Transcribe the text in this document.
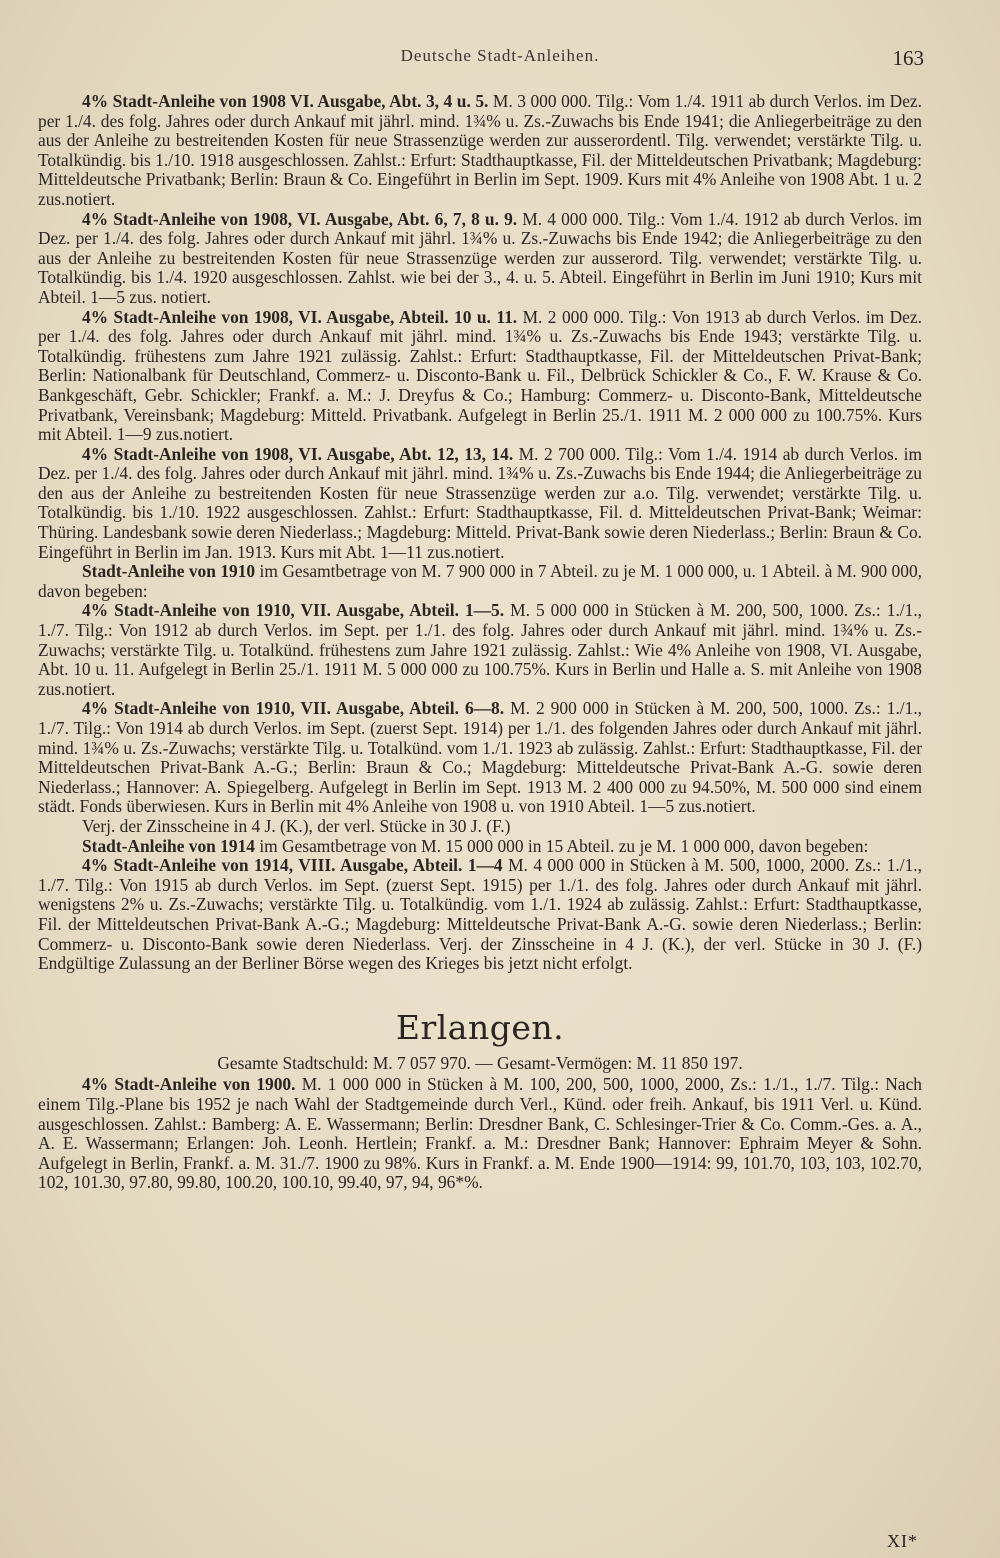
Deutsche Stadt-Anleihen.	163

4% Stadt-Anleihe von 1908 VI. Ausgabe, Abt. 3, 4 u. 5. M. 3 000 000. Tilg.: Vom 1./4. 1911 ab durch Verlos. im Dez. per 1./4. des folg. Jahres oder durch Ankauf mit jährl. mind. 1¾% u. Zs.-Zuwachs bis Ende 1941; die Anliegerbeiträge zu den aus der Anleihe zu bestreitenden Kosten für neue Strassenzüge werden zur ausserordentl. Tilg. verwendet; verstärkte Tilg. u. Totalkündig. bis 1./10. 1918 ausgeschlossen. Zahlst.: Erfurt: Stadthauptkasse, Fil. der Mitteldeutschen Privatbank; Magdeburg: Mitteldeutsche Privatbank; Berlin: Braun & Co. Eingeführt in Berlin im Sept. 1909. Kurs mit 4% Anleihe von 1908 Abt. 1 u. 2 zus.notiert.

4% Stadt-Anleihe von 1908, VI. Ausgabe, Abt. 6, 7, 8 u. 9. M. 4 000 000. Tilg.: Vom 1./4. 1912 ab durch Verlos. im Dez. per 1./4. des folg. Jahres oder durch Ankauf mit jährl. 1¾% u. Zs.-Zuwachs bis Ende 1942; die Anliegerbeiträge zu den aus der Anleihe zu bestreitenden Kosten für neue Strassenzüge werden zur ausserord. Tilg. verwendet; verstärkte Tilg. u. Totalkündig. bis 1./4. 1920 ausgeschlossen. Zahlst. wie bei der 3., 4. u. 5. Abteil. Eingeführt in Berlin im Juni 1910; Kurs mit Abteil. 1—5 zus. notiert.

4% Stadt-Anleihe von 1908, VI. Ausgabe, Abteil. 10 u. 11. M. 2 000 000. Tilg.: Von 1913 ab durch Verlos. im Dez. per 1./4. des folg. Jahres oder durch Ankauf mit jährl. mind. 1¾% u. Zs.-Zuwachs bis Ende 1943; verstärkte Tilg. u. Totalkündig. frühestens zum Jahre 1921 zulässig. Zahlst.: Erfurt: Stadthauptkasse, Fil. der Mitteldeutschen Privat-Bank; Berlin: Nationalbank für Deutschland, Commerz- u. Disconto-Bank u. Fil., Delbrück Schickler & Co., F. W. Krause & Co. Bankgeschäft, Gebr. Schickler; Frankf. a. M.: J. Dreyfus & Co.; Hamburg: Commerz- u. Disconto-Bank, Mitteldeutsche Privatbank, Vereinsbank; Magdeburg: Mitteld. Privatbank. Aufgelegt in Berlin 25./1. 1911 M. 2 000 000 zu 100.75%. Kurs mit Abteil. 1—9 zus.notiert.

4% Stadt-Anleihe von 1908, VI. Ausgabe, Abt. 12, 13, 14. M. 2 700 000. Tilg.: Vom 1./4. 1914 ab durch Verlos. im Dez. per 1./4. des folg. Jahres oder durch Ankauf mit jährl. mind. 1¾% u. Zs.-Zuwachs bis Ende 1944; die Anliegerbeiträge zu den aus der Anleihe zu bestreitenden Kosten für neue Strassenzüge werden zur a.o. Tilg. verwendet; verstärkte Tilg. u. Totalkündig. bis 1./10. 1922 ausgeschlossen. Zahlst.: Erfurt: Stadthauptkasse, Fil. d. Mitteldeutschen Privat-Bank; Weimar: Thüring. Landesbank sowie deren Niederlass.; Magdeburg: Mitteld. Privat-Bank sowie deren Niederlass.; Berlin: Braun & Co. Eingeführt in Berlin im Jan. 1913. Kurs mit Abt. 1—11 zus.notiert.

Stadt-Anleihe von 1910 im Gesamtbetrage von M. 7 900 000 in 7 Abteil. zu je M. 1 000 000, u. 1 Abteil. à M. 900 000, davon begeben:

4% Stadt-Anleihe von 1910, VII. Ausgabe, Abteil. 1—5. M. 5 000 000 in Stücken à M. 200, 500, 1000. Zs.: 1./1., 1./7. Tilg.: Von 1912 ab durch Verlos. im Sept. per 1./1. des folg. Jahres oder durch Ankauf mit jährl. mind. 1¾% u. Zs.-Zuwachs; verstärkte Tilg. u. Totalkünd. frühestens zum Jahre 1921 zulässig. Zahlst.: Wie 4% Anleihe von 1908, VI. Ausgabe, Abt. 10 u. 11. Aufgelegt in Berlin 25./1. 1911 M. 5 000 000 zu 100.75%. Kurs in Berlin und Halle a. S. mit Anleihe von 1908 zus.notiert.

4% Stadt-Anleihe von 1910, VII. Ausgabe, Abteil. 6—8. M. 2 900 000 in Stücken à M. 200, 500, 1000. Zs.: 1./1., 1./7. Tilg.: Von 1914 ab durch Verlos. im Sept. (zuerst Sept. 1914) per 1./1. des folgenden Jahres oder durch Ankauf mit jährl. mind. 1¾% u. Zs.-Zuwachs; verstärkte Tilg. u. Totalkünd. vom 1./1. 1923 ab zulässig. Zahlst.: Erfurt: Stadthauptkasse, Fil. der Mitteldeutschen Privat-Bank A.-G.; Berlin: Braun & Co.; Magdeburg: Mitteldeutsche Privat-Bank A.-G. sowie deren Niederlass.; Hannover: A. Spiegelberg. Aufgelegt in Berlin im Sept. 1913 M. 2 400 000 zu 94.50%, M. 500 000 sind einem städt. Fonds überwiesen. Kurs in Berlin mit 4% Anleihe von 1908 u. von 1910 Abteil. 1—5 zus.notiert.

Verj. der Zinsscheine in 4 J. (K.), der verl. Stücke in 30 J. (F.)

Stadt-Anleihe von 1914 im Gesamtbetrage von M. 15 000 000 in 15 Abteil. zu je M. 1 000 000, davon begeben:

4% Stadt-Anleihe von 1914, VIII. Ausgabe, Abteil. 1—4 M. 4 000 000 in Stücken à M. 500, 1000, 2000. Zs.: 1./1., 1./7. Tilg.: Von 1915 ab durch Verlos. im Sept. (zuerst Sept. 1915) per 1./1. des folg. Jahres oder durch Ankauf mit jährl. wenigstens 2% u. Zs.-Zuwachs; verstärkte Tilg. u. Totalkündig. vom 1./1. 1924 ab zulässig. Zahlst.: Erfurt: Stadthauptkasse, Fil. der Mitteldeutschen Privat-Bank A.-G.; Magdeburg: Mitteldeutsche Privat-Bank A.-G. sowie deren Niederlass.; Berlin: Commerz- u. Disconto-Bank sowie deren Niederlass. Verj. der Zinsscheine in 4 J. (K.), der verl. Stücke in 30 J. (F.) Endgültige Zulassung an der Berliner Börse wegen des Krieges bis jetzt nicht erfolgt.

Erlangen.

Gesamte Stadtschuld: M. 7 057 970. — Gesamt-Vermögen: M. 11 850 197.

4% Stadt-Anleihe von 1900. M. 1 000 000 in Stücken à M. 100, 200, 500, 1000, 2000, Zs.: 1./1., 1./7. Tilg.: Nach einem Tilg.-Plane bis 1952 je nach Wahl der Stadtgemeinde durch Verl., Künd. oder freih. Ankauf, bis 1911 Verl. u. Künd. ausgeschlossen. Zahlst.: Bamberg: A. E. Wassermann; Berlin: Dresdner Bank, C. Schlesinger-Trier & Co. Comm.-Ges. a. A., A. E. Wassermann; Erlangen: Joh. Leonh. Hertlein; Frankf. a. M.: Dresdner Bank; Hannover: Ephraim Meyer & Sohn. Aufgelegt in Berlin, Frankf. a. M. 31./7. 1900 zu 98%. Kurs in Frankf. a. M. Ende 1900—1914: 99, 101.70, 103, 103, 102.70, 102, 101.30, 97.80, 99.80, 100.20, 100.10, 99.40, 97, 94, 96*%.

XI*
